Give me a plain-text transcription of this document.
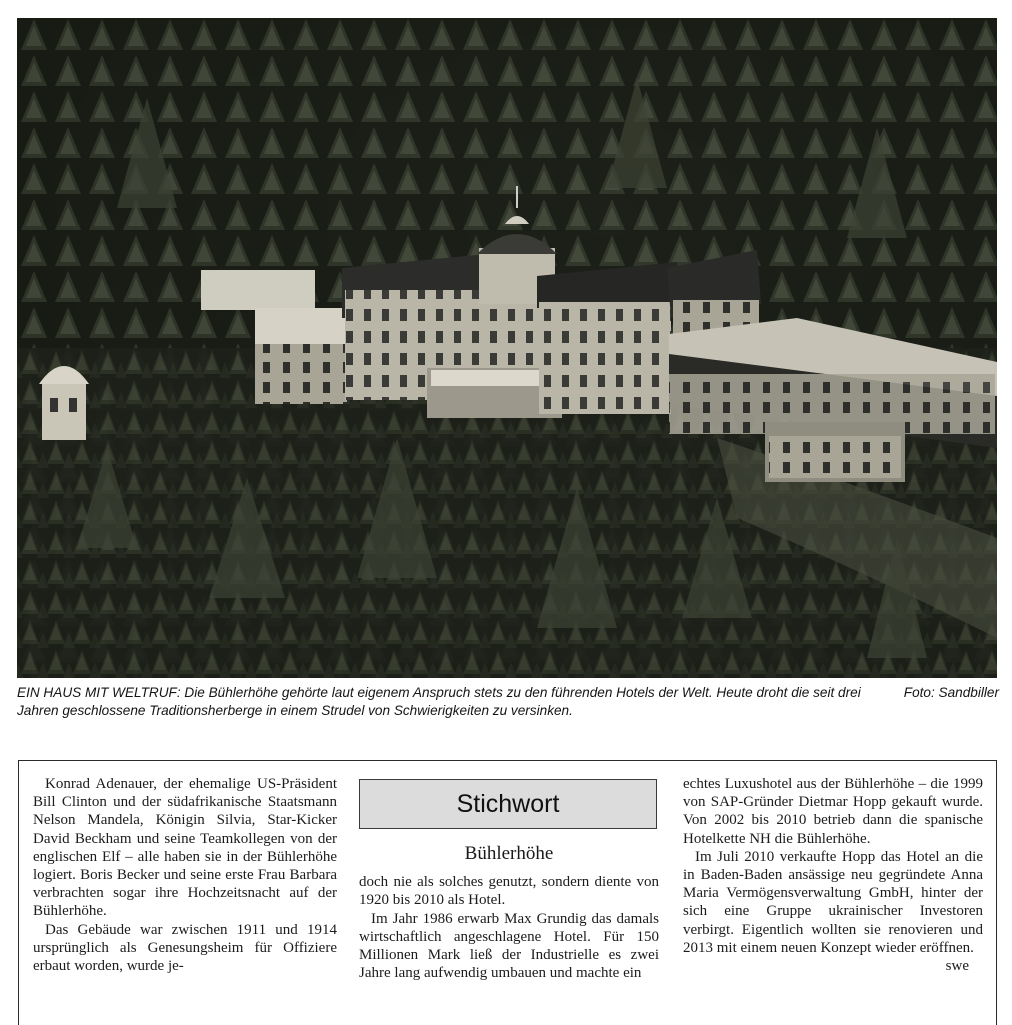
Foto: Sandbiller
EIN HAUS MIT WELTRUF: Die Bühlerhöhe gehörte laut eigenem Anspruch stets zu den führenden Hotels der Welt. Heute droht die seit drei Jahren geschlossene Traditionsherberge in einem Strudel von Schwierigkeiten zu versinken.

Konrad Adenauer, der ehemalige US-Präsident Bill Clinton und der südafrikanische Staatsmann Nelson Mandela, Königin Silvia, Star-Kicker David Beckham und seine Teamkollegen von der englischen Elf – alle haben sie in der Bühlerhöhe logiert. Boris Becker und seine erste Frau Barbara verbrachten sogar ihre Hochzeitsnacht auf der Bühlerhöhe.

Das Gebäude war zwischen 1911 und 1914 ursprünglich als Genesungsheim für Offiziere erbaut worden, wurde je-

Stichwort
Bühlerhöhe

doch nie als solches genutzt, sondern diente von 1920 bis 2010 als Hotel.

Im Jahr 1986 erwarb Max Grundig das damals wirtschaftlich angeschlagene Hotel. Für 150 Millionen Mark ließ der Industrielle es zwei Jahre lang aufwendig umbauen und machte ein

echtes Luxushotel aus der Bühlerhöhe – die 1999 von SAP-Gründer Dietmar Hopp gekauft wurde. Von 2002 bis 2010 betrieb dann die spanische Hotelkette NH die Bühlerhöhe.

Im Juli 2010 verkaufte Hopp das Hotel an die in Baden-Baden ansässige neu gegründete Anna Maria Vermögensverwaltung GmbH, hinter der sich eine Gruppe ukrainischer Investoren verbirgt. Eigentlich wollten sie renovieren und 2013 mit einem neuen Konzept wieder eröffnen.
swe
